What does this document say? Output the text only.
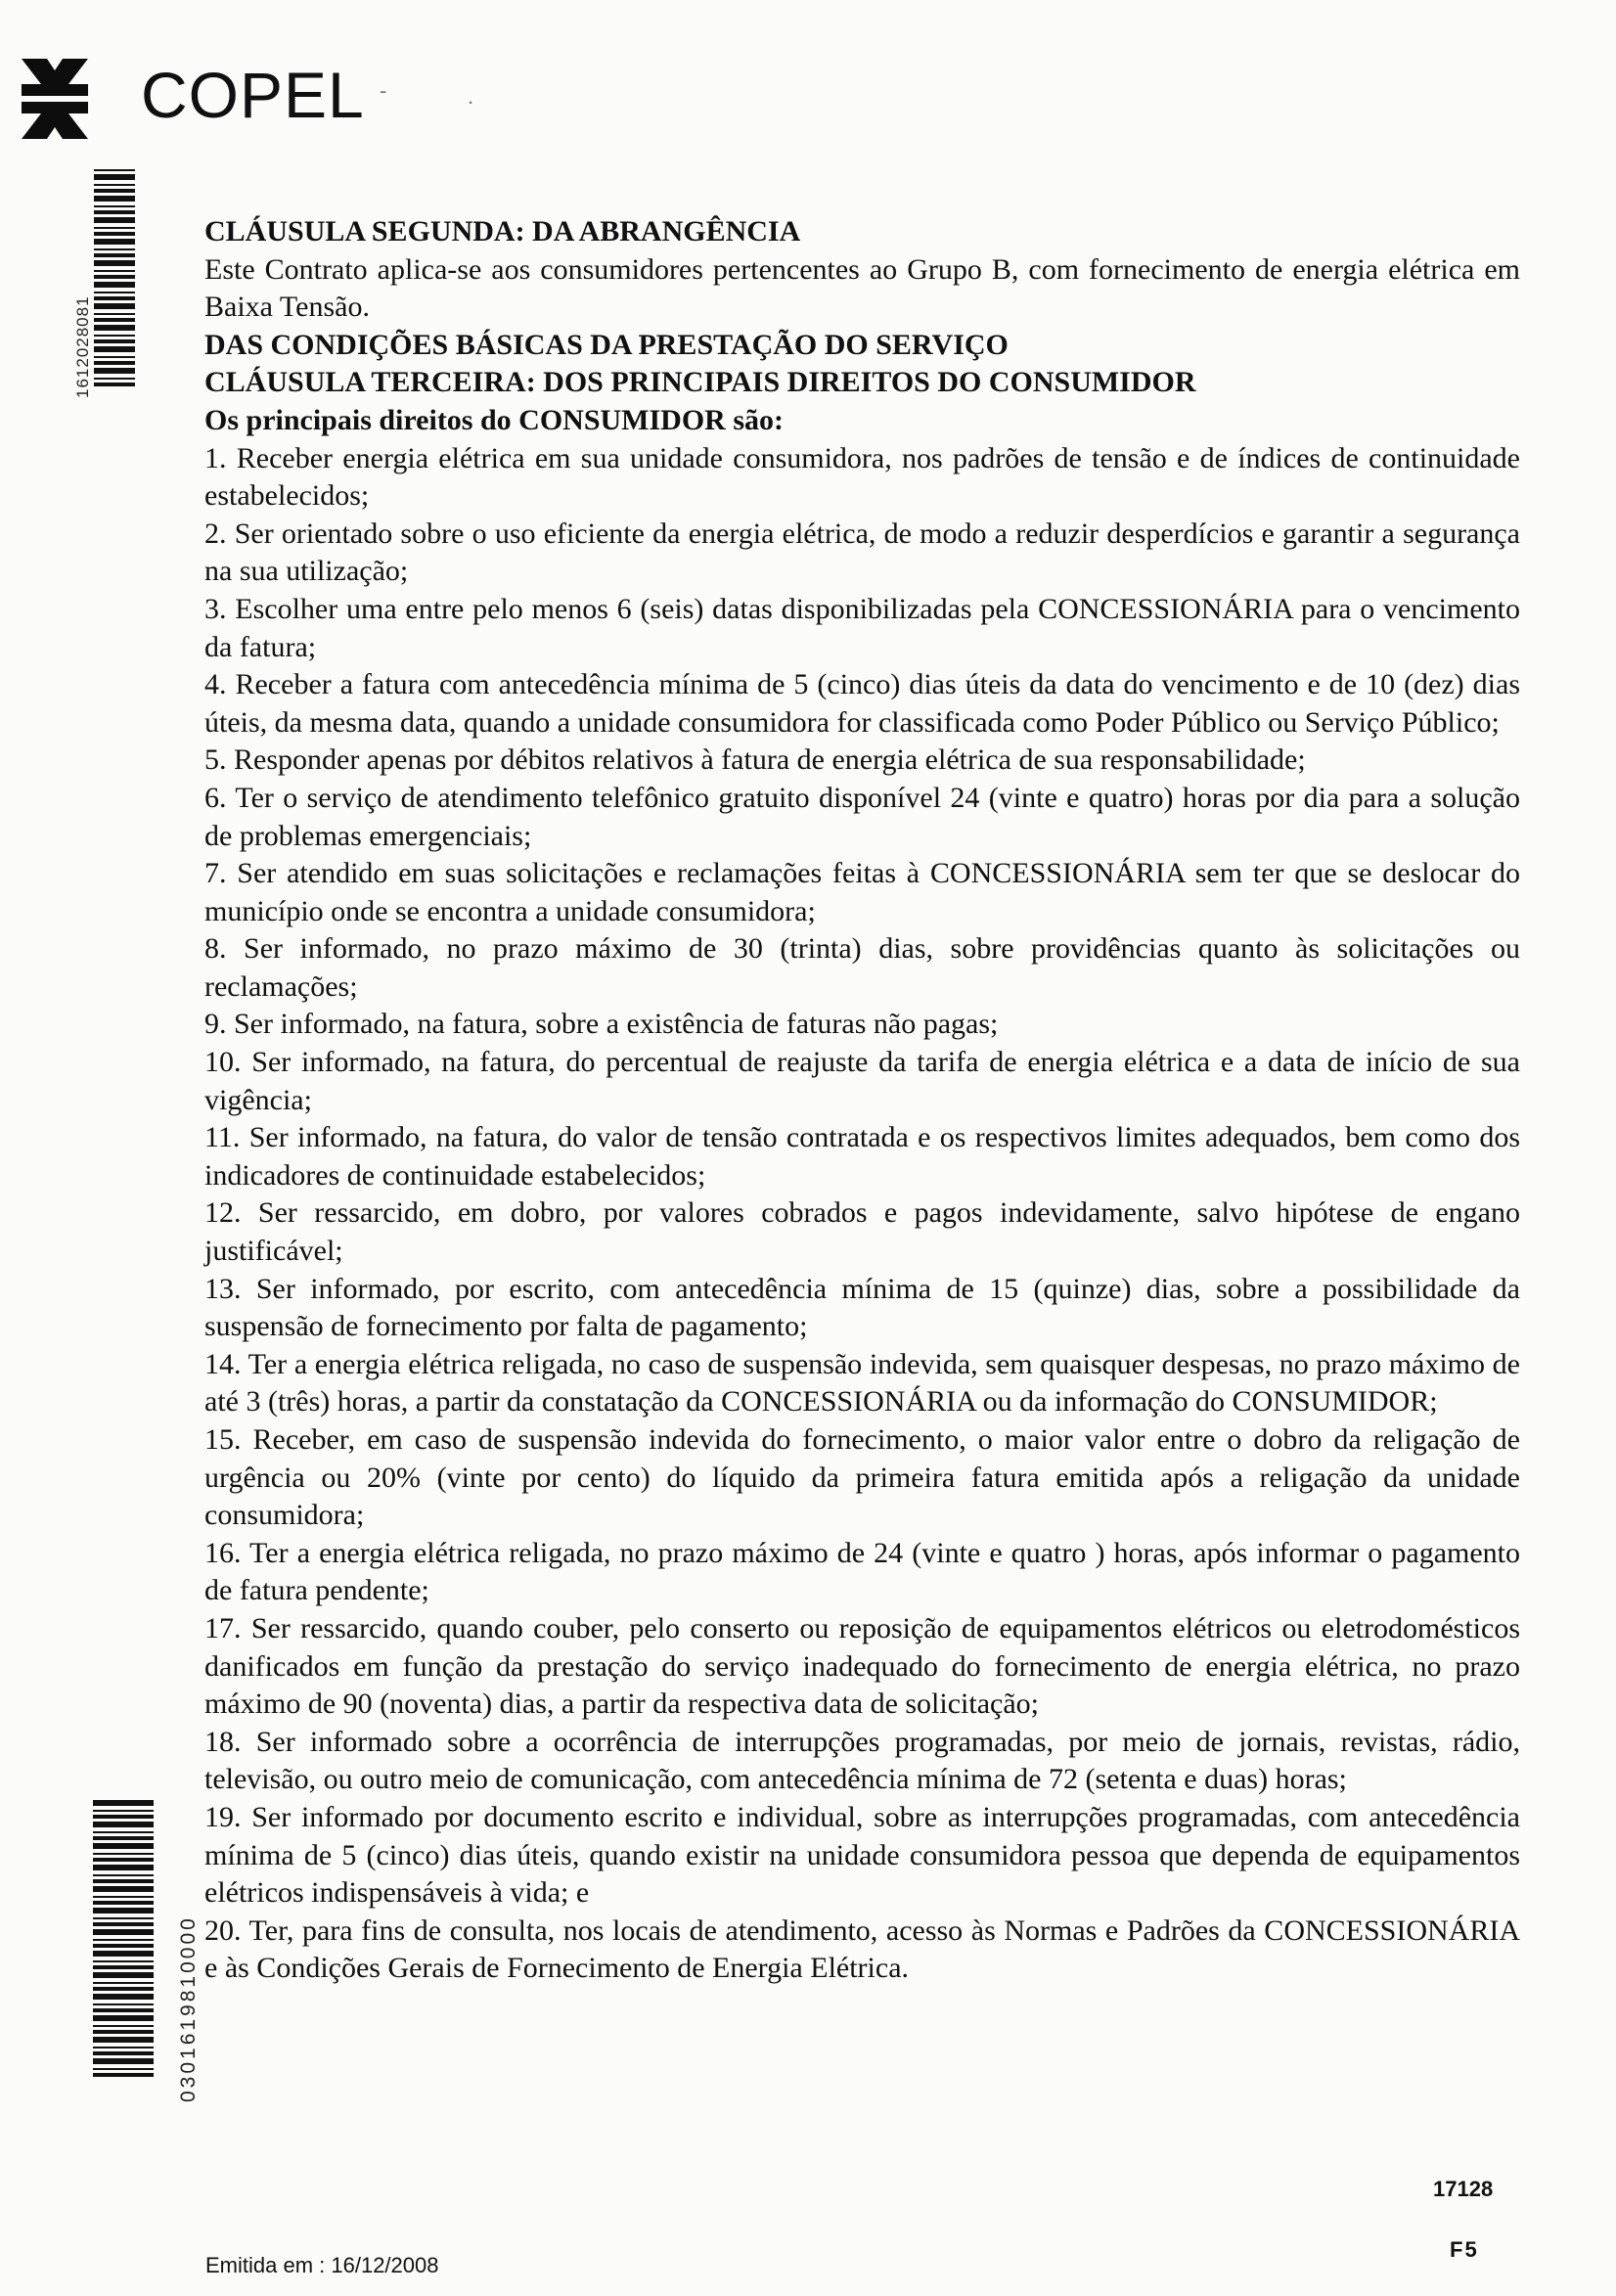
COPEL -	.
1612028081

CLÁUSULA SEGUNDA: DA ABRANGÊNCIA

Este Contrato aplica-se aos consumidores pertencentes ao Grupo B, com fornecimento de energia elétrica em Baixa Tensão.

DAS CONDIÇÕES BÁSICAS DA PRESTAÇÃO DO SERVIÇO

CLÁUSULA TERCEIRA: DOS PRINCIPAIS DIREITOS DO CONSUMIDOR

Os principais direitos do CONSUMIDOR são:

1. Receber energia elétrica em sua unidade consumidora, nos padrões de tensão e de índices de continuidade estabelecidos;

2. Ser orientado sobre o uso eficiente da energia elétrica, de modo a reduzir desperdícios e garantir a segurança na sua utilização;

3. Escolher uma entre pelo menos 6 (seis) datas disponibilizadas pela CONCESSIONÁRIA para o vencimento da fatura;

4. Receber a fatura com antecedência mínima de 5 (cinco) dias úteis da data do vencimento e de 10 (dez) dias úteis, da mesma data, quando a unidade consumidora for classificada como Poder Público ou Serviço Público;

5. Responder apenas por débitos relativos à fatura de energia elétrica de sua responsabilidade;

6. Ter o serviço de atendimento telefônico gratuito disponível 24 (vinte e quatro) horas por dia para a solução de problemas emergenciais;

7. Ser atendido em suas solicitações e reclamações feitas à CONCESSIONÁRIA sem ter que se deslocar do município onde se encontra a unidade consumidora;

8. Ser informado, no prazo máximo de 30 (trinta) dias, sobre providências quanto às solicitações ou reclamações;

9. Ser informado, na fatura, sobre a existência de faturas não pagas;

10. Ser informado, na fatura, do percentual de reajuste da tarifa de energia elétrica e a data de início de sua vigência;

11. Ser informado, na fatura, do valor de tensão contratada e os respectivos limites adequados, bem como dos indicadores de continuidade estabelecidos;

12. Ser ressarcido, em dobro, por valores cobrados e pagos indevidamente, salvo hipótese de engano justificável;

13. Ser informado, por escrito, com antecedência mínima de 15 (quinze) dias, sobre a possibilidade da suspensão de fornecimento por falta de pagamento;

14. Ter a energia elétrica religada, no caso de suspensão indevida, sem quaisquer despesas, no prazo máximo de até 3 (três) horas, a partir da constatação da CONCESSIONÁRIA ou da informação do CONSUMIDOR;

15. Receber, em caso de suspensão indevida do fornecimento, o maior valor entre o dobro da religação de urgência ou 20% (vinte por cento) do líquido da primeira fatura emitida após a religação da unidade consumidora;

16. Ter a energia elétrica religada, no prazo máximo de 24 (vinte e quatro ) horas, após informar o pagamento de fatura pendente;

17. Ser ressarcido, quando couber, pelo conserto ou reposição de equipamentos elétricos ou eletrodomésticos danificados em função da prestação do serviço inadequado do fornecimento de energia elétrica, no prazo máximo de 90 (noventa) dias, a partir da respectiva data de solicitação;

18. Ser informado sobre a ocorrência de interrupções programadas, por meio de jornais, revistas, rádio, televisão, ou outro meio de comunicação, com antecedência mínima de 72 (setenta e duas) horas;

19. Ser informado por documento escrito e individual, sobre as interrupções programadas, com antecedência mínima de 5 (cinco) dias úteis, quando existir na unidade consumidora pessoa que dependa de equipamentos elétricos indispensáveis à vida; e

20. Ter, para fins de consulta, nos locais de atendimento, acesso às Normas e Padrões da CONCESSIONÁRIA e às Condições Gerais de Fornecimento de Energia Elétrica.

0301619810000
17128
F5
Emitida em : 16/12/2008
